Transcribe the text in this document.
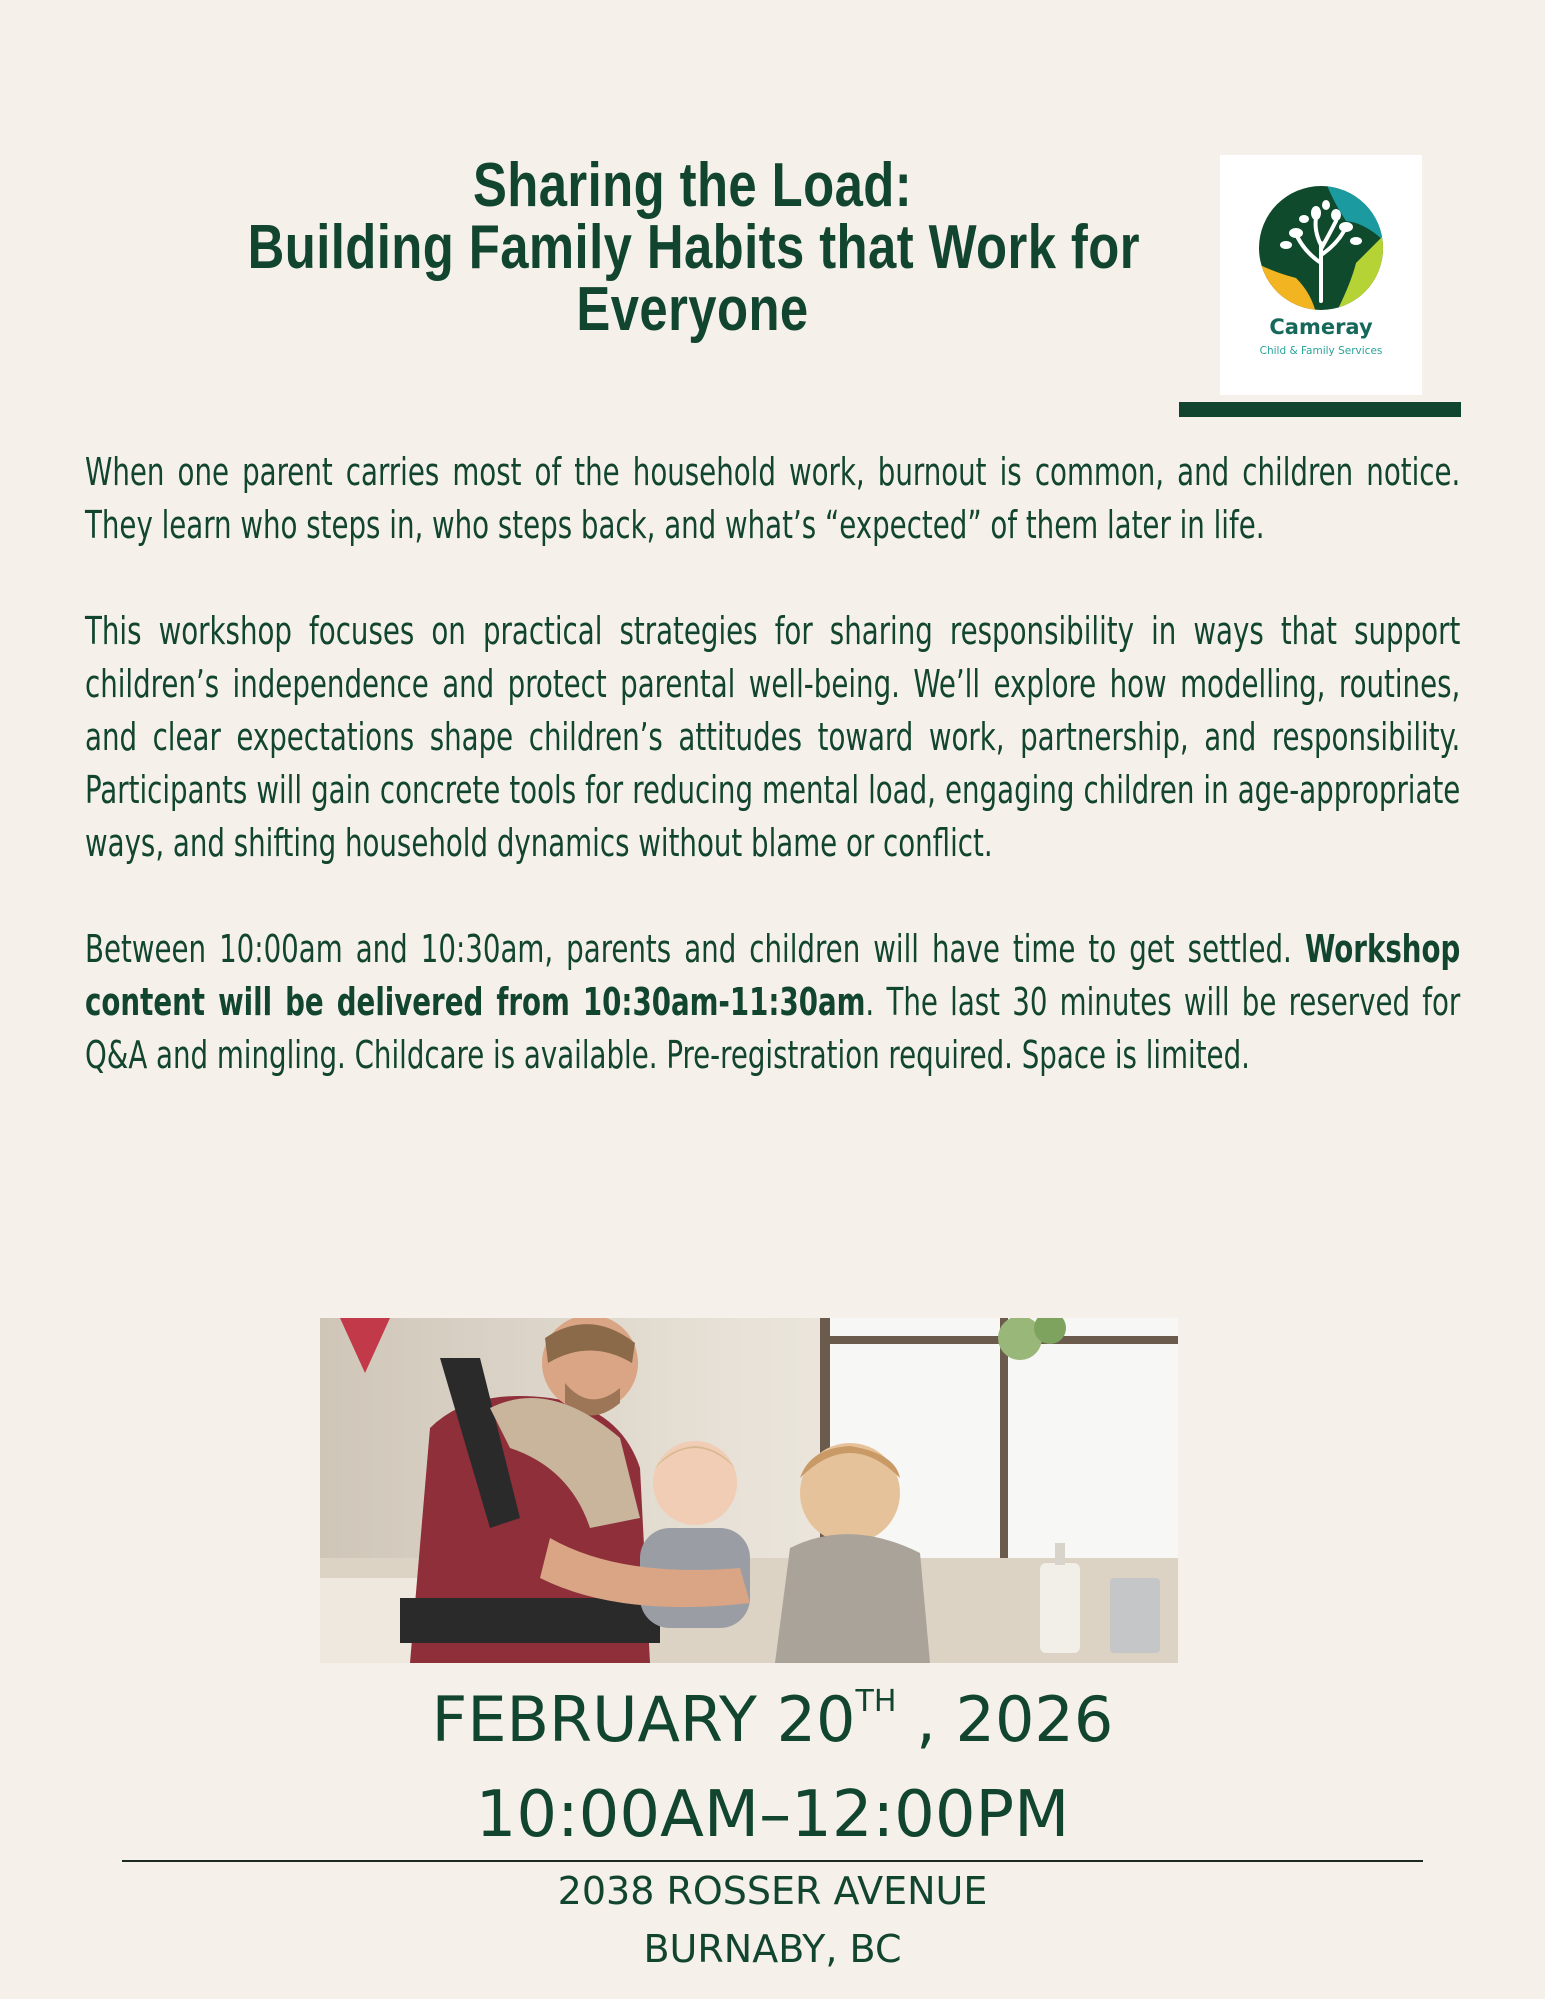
Sharing the Load:
Building Family Habits that Work for
Everyone	Cameray
Child & Family Services

When one parent carries most of the household work, burnout is common, and children notice. They learn who steps in, who steps back, and what’s “expected” of them later in life.

This workshop focuses on practical strategies for sharing responsibility in ways that support children’s independence and protect parental well-being. We’ll explore how modelling, routines, and clear expectations shape children’s attitudes toward work, partnership, and responsibility. Participants will gain concrete tools for reducing mental load, engaging children in age-appropriate ways, and shifting household dynamics without blame or conflict.

Between 10:00am and 10:30am, parents and children will have time to get settled. Workshop content will be delivered from 10:30am-11:30am. The last 30 minutes will be reserved for Q&A and mingling. Childcare is available. Pre-registration required. Space is limited.

FEBRUARY 20TH , 2026
10:00AM–12:00PM
2038 ROSSER AVENUE
BURNABY, BC
